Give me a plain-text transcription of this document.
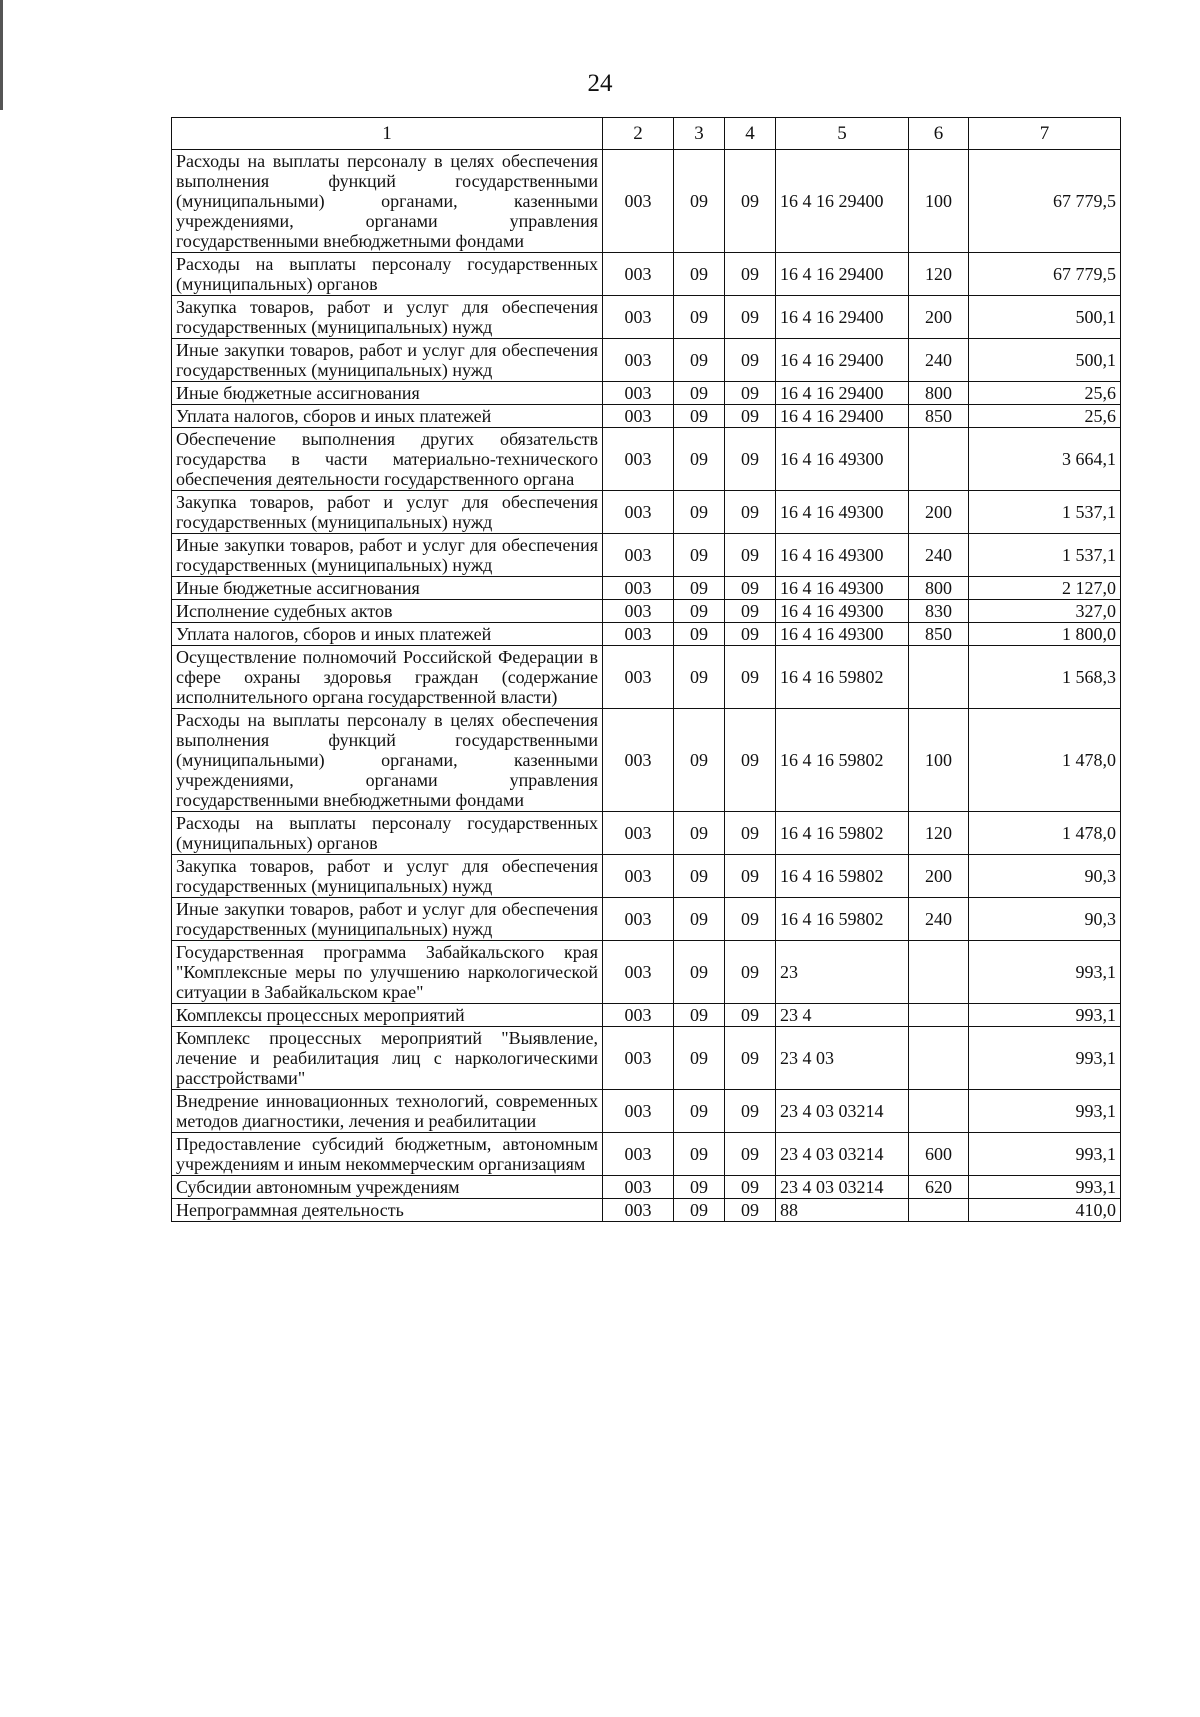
24
1	2	3	4	5	6	7
Расходы на выплаты персоналу в целях обеспечения выполнения функций государственными (муниципальными) органами, казенными учреждениями, органами управления государственными внебюджетными фондами	003	09	09	16 4 16 29400	100	67 779,5
Расходы на выплаты персоналу государственных (муниципальных) органов	003	09	09	16 4 16 29400	120	67 779,5
Закупка товаров, работ и услуг для обеспечения государственных (муниципальных) нужд	003	09	09	16 4 16 29400	200	500,1
Иные закупки товаров, работ и услуг для обеспечения государственных (муниципальных) нужд	003	09	09	16 4 16 29400	240	500,1
Иные бюджетные ассигнования	003	09	09	16 4 16 29400	800	25,6
Уплата налогов, сборов и иных платежей	003	09	09	16 4 16 29400	850	25,6
Обеспечение выполнения других обязательств государства в части материально-технического обеспечения деятельности государственного органа	003	09	09	16 4 16 49300		3 664,1
Закупка товаров, работ и услуг для обеспечения государственных (муниципальных) нужд	003	09	09	16 4 16 49300	200	1 537,1
Иные закупки товаров, работ и услуг для обеспечения государственных (муниципальных) нужд	003	09	09	16 4 16 49300	240	1 537,1
Иные бюджетные ассигнования	003	09	09	16 4 16 49300	800	2 127,0
Исполнение судебных актов	003	09	09	16 4 16 49300	830	327,0
Уплата налогов, сборов и иных платежей	003	09	09	16 4 16 49300	850	1 800,0
Осуществление полномочий Российской Федерации в сфере охраны здоровья граждан (содержание исполнительного органа государственной власти)	003	09	09	16 4 16 59802		1 568,3
Расходы на выплаты персоналу в целях обеспечения выполнения функций государственными (муниципальными) органами, казенными учреждениями, органами управления государственными внебюджетными фондами	003	09	09	16 4 16 59802	100	1 478,0
Расходы на выплаты персоналу государственных (муниципальных) органов	003	09	09	16 4 16 59802	120	1 478,0
Закупка товаров, работ и услуг для обеспечения государственных (муниципальных) нужд	003	09	09	16 4 16 59802	200	90,3
Иные закупки товаров, работ и услуг для обеспечения государственных (муниципальных) нужд	003	09	09	16 4 16 59802	240	90,3
Государственная программа Забайкальского края "Комплексные меры по улучшению наркологической ситуации в Забайкальском крае"	003	09	09	23		993,1
Комплексы процессных мероприятий	003	09	09	23 4		993,1
Комплекс процессных мероприятий "Выявление, лечение и реабилитация лиц с наркологическими расстройствами"	003	09	09	23 4 03		993,1
Внедрение инновационных технологий, современных методов диагностики, лечения и реабилитации	003	09	09	23 4 03 03214		993,1
Предоставление субсидий бюджетным, автономным учреждениям и иным некоммерческим организациям	003	09	09	23 4 03 03214	600	993,1
Субсидии автономным учреждениям	003	09	09	23 4 03 03214	620	993,1
Непрограммная деятельность	003	09	09	88		410,0
